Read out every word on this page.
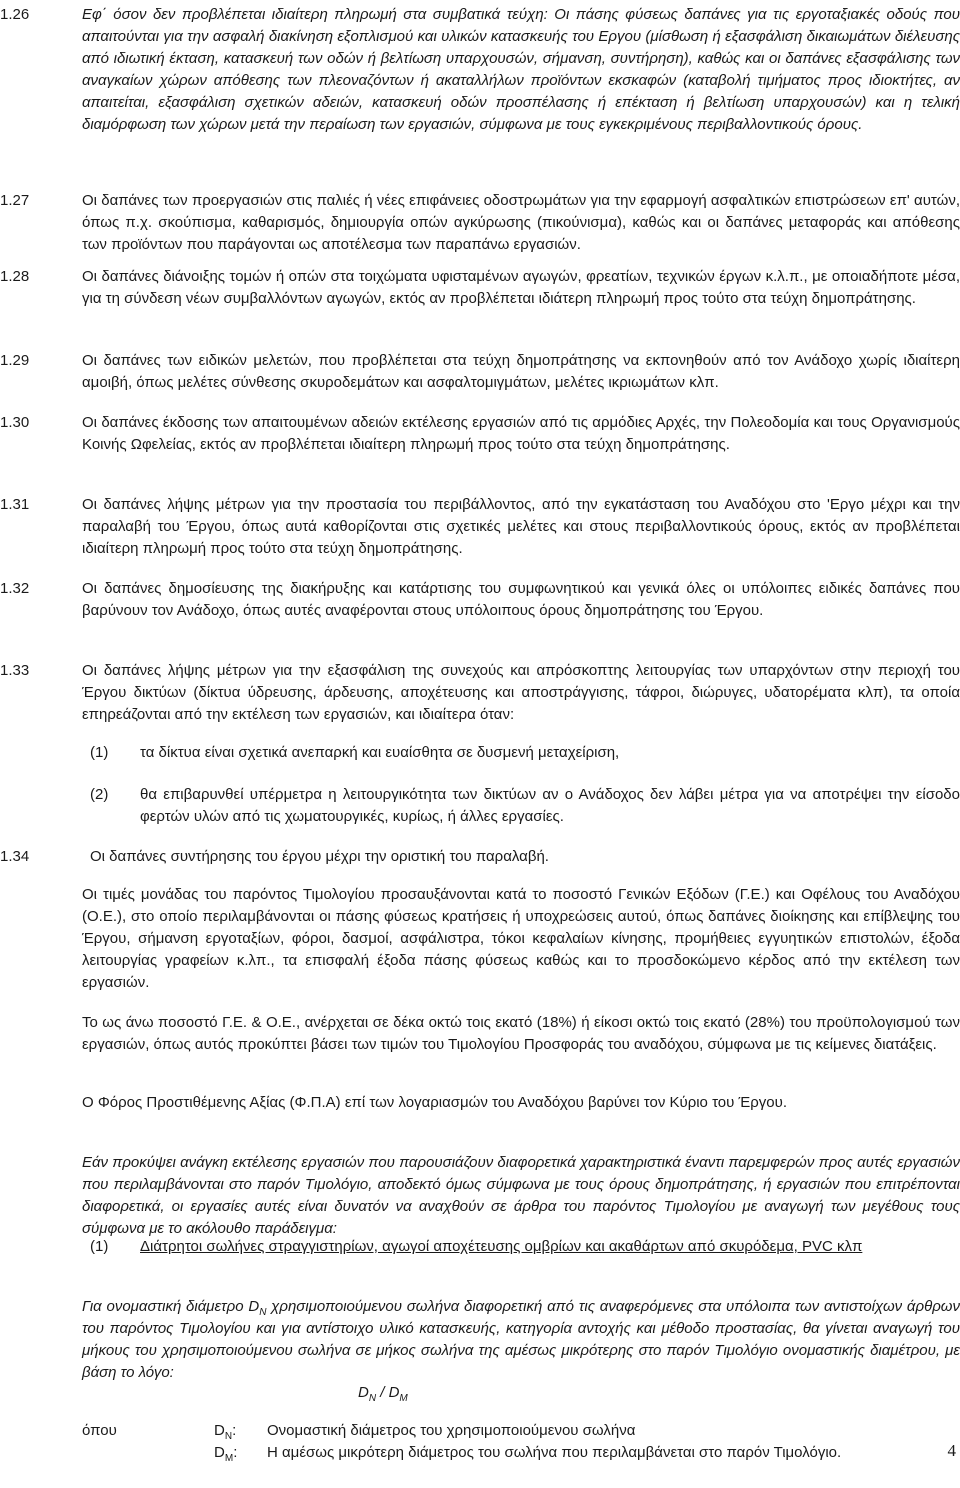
1.26	Εφ΄ όσον δεν προβλέπεται ιδιαίτερη πληρωμή στα συμβατικά τεύχη: Οι πάσης φύσεως δαπάνες για τις εργοταξιακές οδούς που απαιτούνται για την ασφαλή διακίνηση εξοπλισμού και υλικών κατασκευής του Εργου (μίσθωση ή εξασφάλιση δικαιωμάτων διέλευσης από ιδιωτική έκταση, κατασκευή των οδών ή βελτίωση υπαρχουσών, σήμανση, συντήρηση), καθώς και οι δαπάνες εξασφάλισης των αναγκαίων χώρων απόθεσης των πλεοναζόντων ή ακαταλλήλων προϊόντων εκσκαφών (καταβολή τιμήματος προς ιδιοκτήτες, αν απαιτείται, εξασφάλιση σχετικών αδειών, κατασκευή οδών προσπέλασης ή επέκταση ή βελτίωση υπαρχουσών) και η τελική διαμόρφωση των χώρων μετά την περαίωση των εργασιών, σύμφωνα με τους εγκεκριμένους περιβαλλοντικούς όρους.
1.27	Οι δαπάνες των προεργασιών στις παλιές ή νέες επιφάνειες οδοστρωμάτων για την εφαρμογή ασφαλτικών επιστρώσεων επ' αυτών, όπως π.χ. σκούπισμα, καθαρισμός, δημιουργία οπών αγκύρωσης (πικούνισμα), καθώς και οι δαπάνες μεταφοράς και απόθεσης των προϊόντων που παράγονται ως αποτέλεσμα των παραπάνω εργασιών.
1.28	Οι δαπάνες διάνοιξης τομών ή οπών στα τοιχώματα υφισταμένων αγωγών, φρεατίων, τεχνικών έργων κ.λ.π., με οποιαδήποτε μέσα, για τη σύνδεση νέων συμβαλλόντων αγωγών, εκτός αν προβλέπεται ιδιάτερη πληρωμή προς τούτο στα τεύχη δημοπράτησης.
1.29	Οι δαπάνες των ειδικών μελετών, που προβλέπεται στα τεύχη δημοπράτησης να εκπονηθούν από τον Ανάδοχο χωρίς ιδιαίτερη αμοιβή, όπως μελέτες σύνθεσης σκυροδεμάτων και ασφαλτομιγμάτων, μελέτες ικριωμάτων κλπ.
1.30	Οι δαπάνες έκδοσης των απαιτουμένων αδειών εκτέλεσης εργασιών από τις αρμόδιες Αρχές, την Πολεοδομία και τους Οργανισμούς Κοινής Ωφελείας, εκτός αν προβλέπεται ιδιαίτερη πληρωμή προς τούτο στα τεύχη δημοπράτησης.
1.31	Οι δαπάνες λήψης μέτρων για την προστασία του περιβάλλοντος, από την εγκατάσταση του Αναδόχου στο 'Εργο μέχρι και την παραλαβή του Έργου, όπως αυτά καθορίζονται στις σχετικές μελέτες και στους περιβαλλοντικούς όρους, εκτός αν προβλέπεται ιδιαίτερη πληρωμή προς τούτο στα τεύχη δημοπράτησης.
1.32	Οι δαπάνες δημοσίευσης της διακήρυξης και κατάρτισης του συμφωνητικού και γενικά όλες οι υπόλοιπες ειδικές δαπάνες που βαρύνουν τον Ανάδοχο, όπως αυτές αναφέρονται στους υπόλοιπους όρους δημοπράτησης του Έργου.
1.33	Οι δαπάνες λήψης μέτρων για την εξασφάλιση της συνεχούς και απρόσκοπτης λειτουργίας των υπαρχόντων στην περιοχή του Έργου δικτύων (δίκτυα ύδρευσης, άρδευσης, αποχέτευσης και αποστράγγισης, τάφροι, διώρυγες, υδατορέματα κλπ), τα οποία επηρεάζονται από την εκτέλεση των εργασιών, και ιδιαίτερα όταν:
(1) τα δίκτυα είναι σχετικά ανεπαρκή και ευαίσθητα σε δυσμενή μεταχείριση,
(2) θα επιβαρυνθεί υπέρμετρα η λειτουργικότητα των δικτύων αν ο Ανάδοχος δεν λάβει μέτρα για να αποτρέψει την είσοδο φερτών υλών από τις χωματουργικές, κυρίως, ή άλλες εργασίες.
1.34	Οι δαπάνες συντήρησης του έργου μέχρι την οριστική του παραλαβή.
Οι τιμές μονάδας του παρόντος Τιμολογίου προσαυξάνονται κατά το ποσοστό Γενικών Εξόδων (Γ.Ε.) και Οφέλους του Αναδόχου (Ο.Ε.), στο οποίο περιλαμβάνονται οι πάσης φύσεως κρατήσεις ή υποχρεώσεις αυτού, όπως δαπάνες διοίκησης και επίβλεψης του Έργου, σήμανση εργοταξίων, φόροι, δασμοί, ασφάλιστρα, τόκοι κεφαλαίων κίνησης, προμήθειες εγγυητικών επιστολών, έξοδα λειτουργίας γραφείων κ.λπ., τα επισφαλή έξοδα πάσης φύσεως καθώς και το προσδοκώμενο κέρδος από την εκτέλεση των εργασιών.
Το ως άνω ποσοστό Γ.Ε. & Ο.Ε., ανέρχεται σε δέκα οκτώ τοις εκατό (18%) ή είκοσι οκτώ τοις εκατό (28%) του προϋπολογισμού των εργασιών, όπως αυτός προκύπτει βάσει των τιμών του Τιμολογίου Προσφοράς του αναδόχου, σύμφωνα με τις κείμενες διατάξεις.
Ο Φόρος Προστιθέμενης Αξίας (Φ.Π.Α) επί των λογαριασμών του Αναδόχου βαρύνει τον Κύριο του Έργου.
Εάν προκύψει ανάγκη εκτέλεσης εργασιών που παρουσιάζουν διαφορετικά χαρακτηριστικά έναντι παρεμφερών προς αυτές εργασιών που περιλαμβάνονται στο παρόν Τιμολόγιο, αποδεκτό όμως σύμφωνα με τους όρους δημοπράτησης, ή εργασιών που επιτρέπονται διαφορετικά, οι εργασίες αυτές είναι δυνατόν να αναχθούν σε άρθρα του παρόντος Τιμολογίου με αναγωγή των μεγέθους τους σύμφωνα με το ακόλουθο παράδειγμα:
(1) Διάτρητοι σωλήνες στραγγιστηρίων, αγωγοί αποχέτευσης ομβρίων και ακαθάρτων από σκυρόδεμα, PVC κλπ
Για ονομαστική διάμετρο $D_N$ χρησιμοποιούμενου σωλήνα διαφορετική από τις αναφερόμενες στα υπόλοιπα των αντιστοίχων άρθρων του παρόντος Τιμολογίου και για αντίστοιχο υλικό κατασκευής, κατηγορία αντοχής και μέθοδο προστασίας, θα γίνεται αναγωγή του μήκους του χρησιμοποιούμενου σωλήνα σε μήκος σωλήνα της αμέσως μικρότερης στο παρόν Τιμολόγιο ονομαστικής διαμέτρου, με βάση το λόγο:
$D_N / D_M$
όπου	$D_N$: Ονομαστική διάμετρος του χρησιμοποιούμενου σωλήνα
$D_M$: Η αμέσως μικρότερη διάμετρος του σωλήνα που περιλαμβάνεται στο παρόν Τιμολόγιο.	4
